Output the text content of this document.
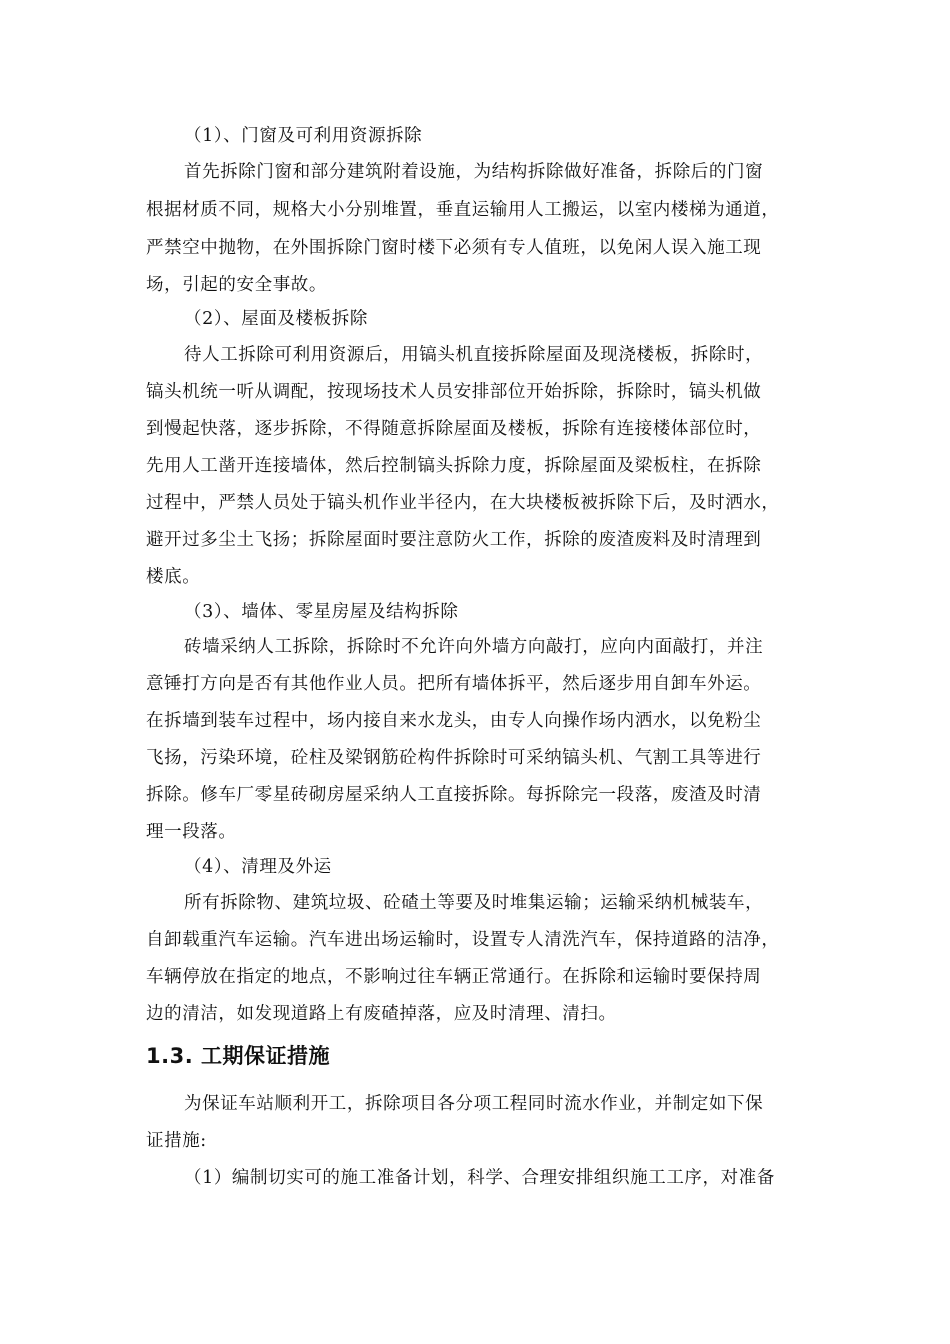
（1）、门窗及可利用资源拆除
首先拆除门窗和部分建筑附着设施，为结构拆除做好准备，拆除后的门窗
根据材质不同，规格大小分别堆置，垂直运输用人工搬运，以室内楼梯为通道，
严禁空中抛物，在外围拆除门窗时楼下必须有专人值班，以免闲人误入施工现
场，引起的安全事故。
（2）、屋面及楼板拆除
待人工拆除可利用资源后，用镐头机直接拆除屋面及现浇楼板，拆除时，
镐头机统一听从调配，按现场技术人员安排部位开始拆除，拆除时，镐头机做
到慢起快落，逐步拆除，不得随意拆除屋面及楼板，拆除有连接楼体部位时，
先用人工凿开连接墙体，然后控制镐头拆除力度，拆除屋面及梁板柱，在拆除
过程中，严禁人员处于镐头机作业半径内，在大块楼板被拆除下后，及时洒水，
避开过多尘土飞扬；拆除屋面时要注意防火工作，拆除的废渣废料及时清理到
楼底。
（3）、墙体、零星房屋及结构拆除
砖墙采纳人工拆除，拆除时不允许向外墙方向敲打，应向内面敲打，并注
意锤打方向是否有其他作业人员。把所有墙体拆平，然后逐步用自卸车外运。
在拆墙到装车过程中，场内接自来水龙头，由专人向操作场内洒水，以免粉尘
飞扬，污染环境，砼柱及梁钢筋砼构件拆除时可采纳镐头机、气割工具等进行
拆除。修车厂零星砖砌房屋采纳人工直接拆除。每拆除完一段落，废渣及时清
理一段落。
（4）、清理及外运
所有拆除物、建筑垃圾、砼碴土等要及时堆集运输；运输采纳机械装车，
自卸载重汽车运输。汽车进出场运输时，设置专人清洗汽车，保持道路的洁净，
车辆停放在指定的地点，不影响过往车辆正常通行。在拆除和运输时要保持周
边的清洁，如发现道路上有废碴掉落，应及时清理、清扫。
1.3. 工期保证措施
为保证车站顺利开工，拆除项目各分项工程同时流水作业，并制定如下保
证措施:
（1）编制切实可的施工准备计划，科学、合理安排组织施工工序，对准备
